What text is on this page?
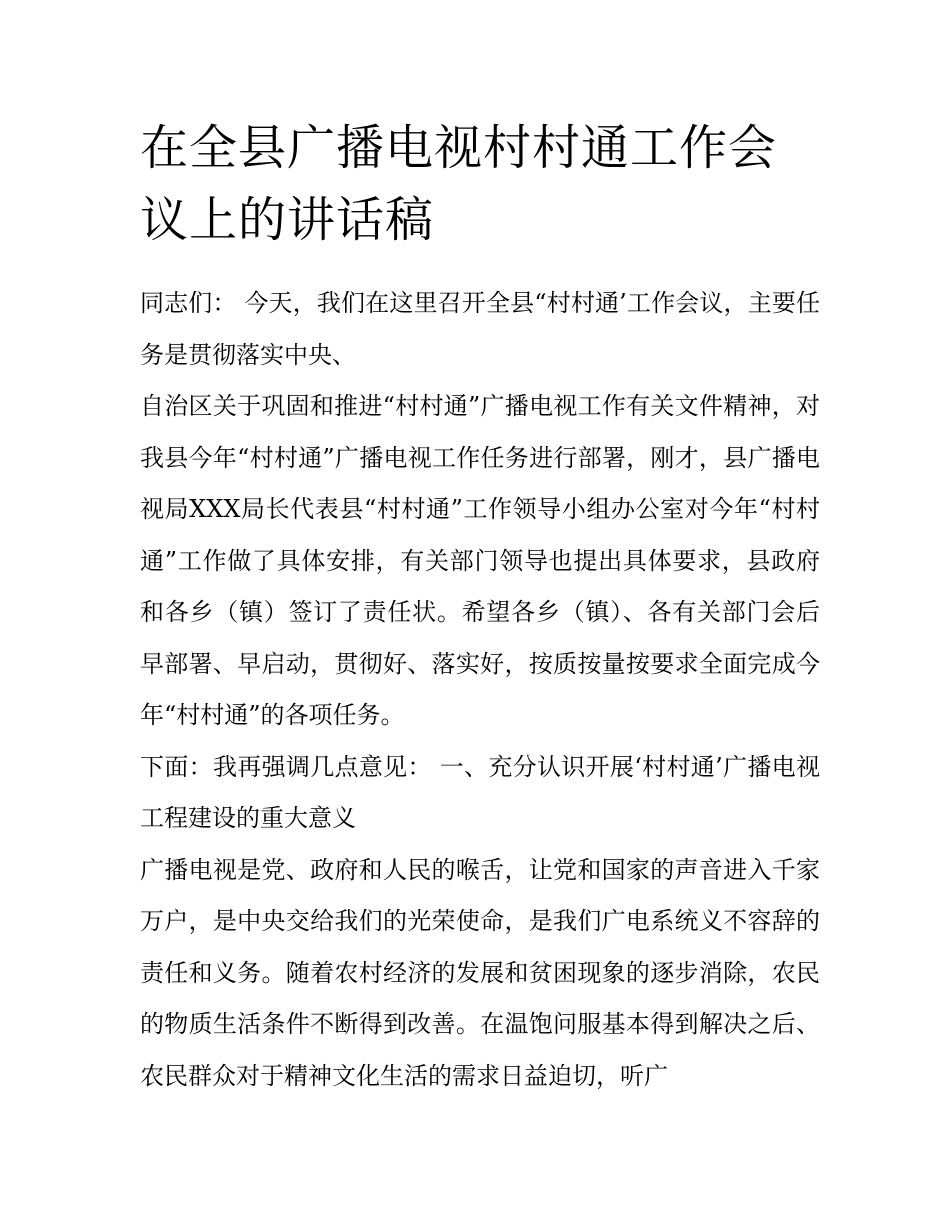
在全县广播电视村村通工作会议上的讲话稿

同志们： 今天，我们在这里召开全县“村村通’工作会议，主要任务是贯彻落实中央、

自治区关于巩固和推进“村村通”广播电视工作有关文件精神，对我县今年“村村通”广播电视工作任务进行部署，刚才，县广播电视局XXX局长代表县“村村通”工作领导小组办公室对今年“村村通”工作做了具体安排，有关部门领导也提出具体要求，县政府和各乡（镇）签订了责任状。希望各乡（镇）、各有关部门会后早部署、早启动，贯彻好、落实好，按质按量按要求全面完成今年“村村通”的各项任务。

下面：我再强调几点意见： 一、充分认识开展‘村村通’广播电视工程建设的重大意义

广播电视是党、政府和人民的喉舌，让党和国家的声音进入千家万户，是中央交给我们的光荣使命，是我们广电系统义不容辞的责任和义务。随着农村经济的发展和贫困现象的逐步消除，农民的物质生活条件不断得到改善。在温饱问服基本得到解决之后、农民群众对于精神文化生活的需求日益迫切，听广
